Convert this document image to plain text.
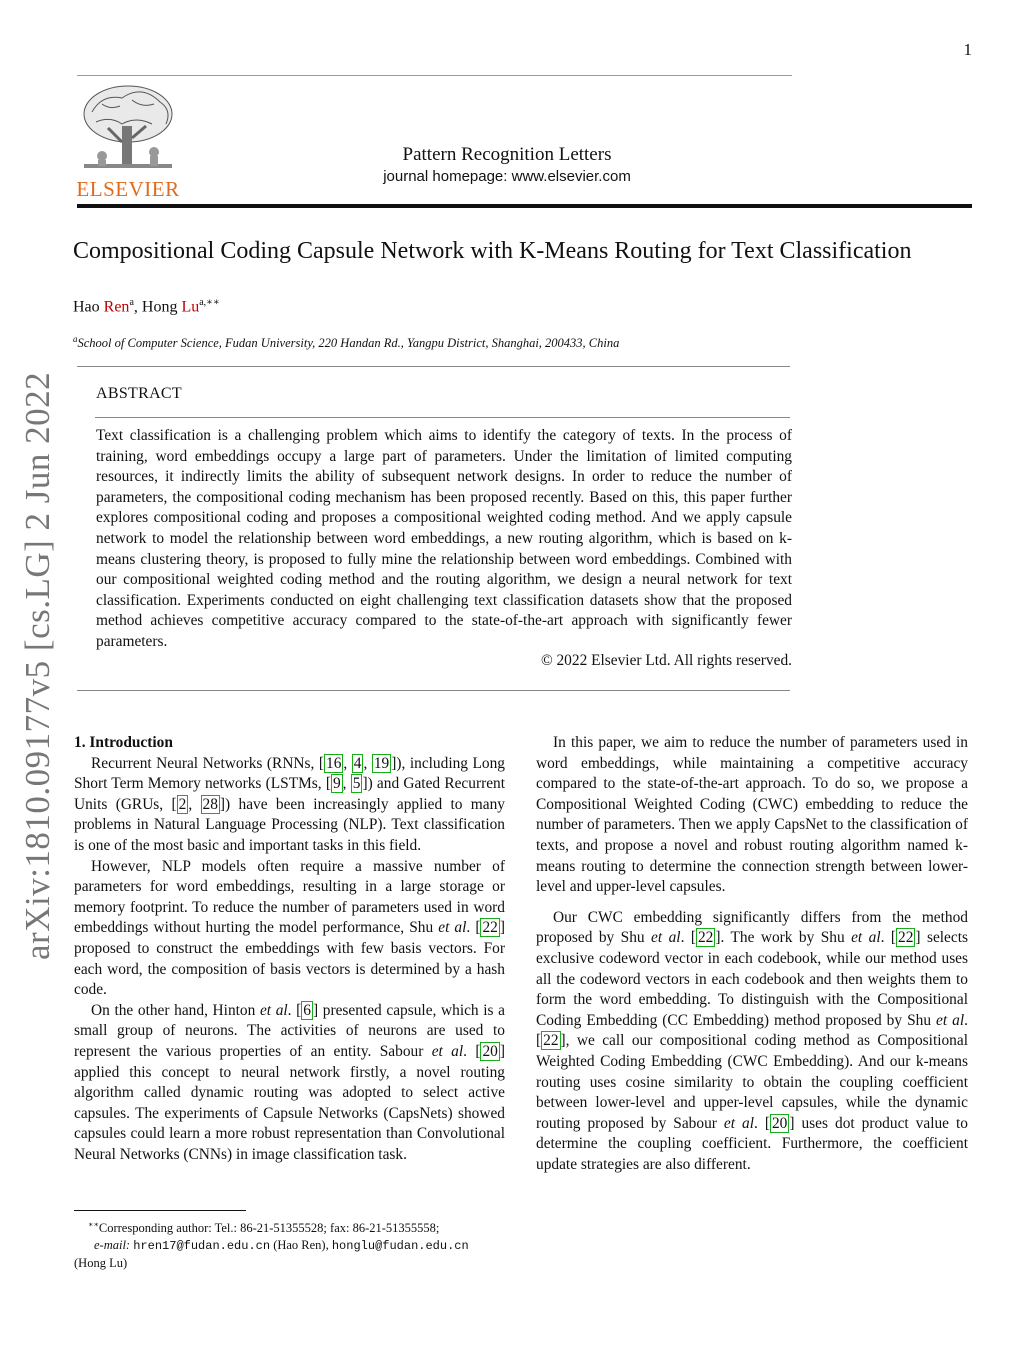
1
ELSEVIER
Pattern Recognition Letters
journal homepage: www.elsevier.com
Compositional Coding Capsule Network with K-Means Routing for Text Classification
Hao Ren$^a$, Hong $Lu^{a,∗∗}$
$^a$School of Computer Science, Fudan University, 220 Handan Rd., Yangpu District, Shanghai, 200433, China
ABSTRACT
Text classification is a challenging problem which aims to identify the category of texts. In the process of training, word embeddings occupy a large part of parameters. Under the limitation of limited computing resources, it indirectly limits the ability of subsequent network designs. In order to reduce the number of parameters, the compositional coding mechanism has been proposed recently. Based on this, this paper further explores compositional coding and proposes a compositional weighted coding method. And we apply capsule network to model the relationship between word embeddings, a new routing algorithm, which is based on k-means clustering theory, is proposed to fully mine the relationship between word embeddings. Combined with our compositional weighted coding method and the routing algorithm, we design a neural network for text classification. Experiments conducted on eight challenging text classification datasets show that the proposed method achieves competitive accuracy compared to the state-of-the-art approach with significantly fewer parameters.
© 2022 Elsevier Ltd. All rights reserved.
arXiv:1810.09177v5 [cs.LG] 2 Jun 2022	1. Introduction

Recurrent Neural Networks (RNNs, [ 16 , 4 , 19 ]), including Long Short Term Memory networks (LSTMs, [ 9 , 5 ]) and Gated Recurrent Units (GRUs, [ 2 , 28 ]) have been increasingly applied to many problems in Natural Language Processing (NLP). Text classification is one of the most basic and important tasks in this field.

However, NLP models often require a massive number of parameters for word embeddings, resulting in a large storage or memory footprint. To reduce the number of parameters used in word embeddings without hurting the model performance, Shu et al. [ 22 ] proposed to construct the embeddings with few basis vectors. For each word, the composition of basis vectors is determined by a hash code.

On the other hand, Hinton et al. [ 6 ] presented capsule, which is a small group of neurons. The activities of neurons are used to represent the various properties of an entity. Sabour et al. [ 20 ] applied this concept to neural network firstly, a novel routing algorithm called dynamic routing was adopted to select active capsules. The experiments of Capsule Networks (CapsNets) showed capsules could learn a more robust representation than Convolutional Neural Networks (CNNs) in image classification task.

∗∗Corresponding author: Tel.: 86-21-51355528; fax: 86-21-51355558;
e-mail: hren17@fudan.edu.cn (Hao Ren), honglu@fudan.edu.cn
(Hong Lu)

In this paper, we aim to reduce the number of parameters used in word embeddings, while maintaining a competitive accuracy compared to the state-of-the-art approach. To do so, we propose a Compositional Weighted Coding (CWC) embedding to reduce the number of parameters. Then we apply CapsNet to the classification of texts, and propose a novel and robust routing algorithm named k-means routing to determine the connection strength between lower-level and upper-level capsules.

Our CWC embedding significantly differs from the method proposed by Shu et al. [ 22 ]. The work by Shu et al. [ 22 ] selects exclusive codeword vector in each codebook, while our method uses all the codeword vectors in each codebook and then weights them to form the word embedding. To distinguish with the Compositional Coding Embedding (CC Embedding) method proposed by Shu et al. [ 22 ], we call our compositional coding method as Compositional Weighted Coding Embedding (CWC Embedding). And our k-means routing uses cosine similarity to obtain the coupling coefficient between lower-level and upper-level capsules, while the dynamic routing proposed by Sabour et al. [ 20 ] uses dot product value to determine the coupling coefficient. Furthermore, the coefficient update strategies are also different.
